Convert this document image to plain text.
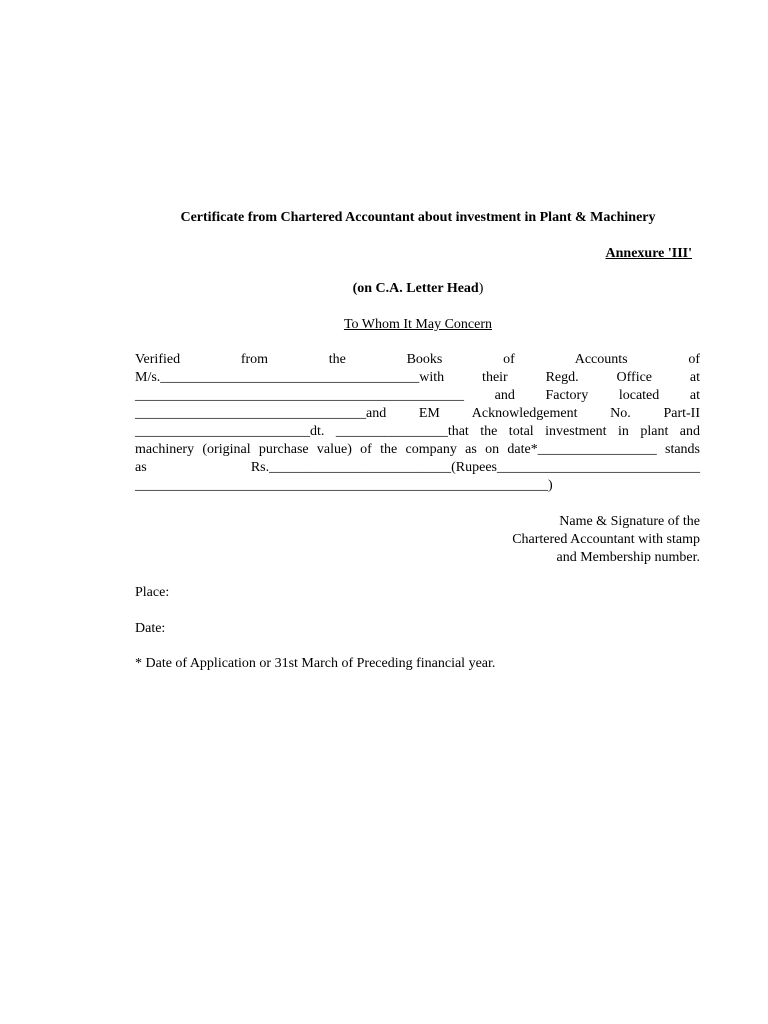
Certificate from Chartered Accountant about investment in Plant & Machinery
Annexure 'III'
(on C.A. Letter Head)
To Whom It May Concern
Verified from the Books of Accounts of
M/s._____________________________________with their Regd. Office at
_______________________________________________ and Factory located at
_________________________________and EM Acknowledgement No. Part-II
_________________________dt. ________________that the total investment in plant and
machinery (original purchase value) of the company as on date*_________________ stands
as Rs.__________________________(Rupees_____________________________
___________________________________________________________)
Name & Signature of the
Chartered Accountant with stamp
and Membership number.
Place:
Date:
* Date of Application or 31st March of Preceding financial year.
